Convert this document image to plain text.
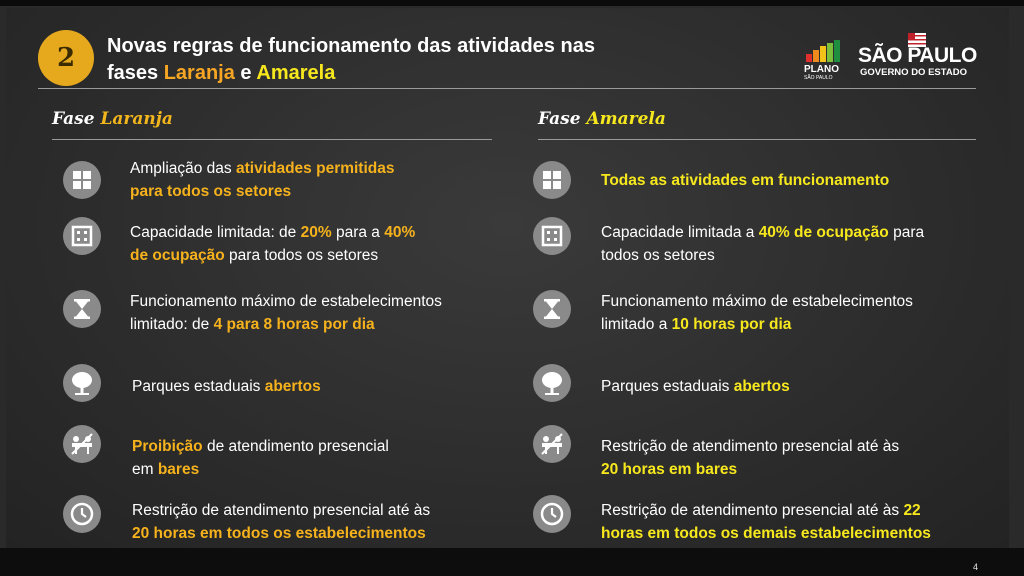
2	Novas regras de funcionamento das atividades nas
fases Laranja e Amarela	PLANO
SÃO PAULO
SÃO PAULO
GOVERNO DO ESTADO
Fase Laranja	Fase Amarela
Ampliação das atividades permitidas
para todos os setores
Capacidade limitada: de 20% para a 40%
de ocupação para todos os setores
Funcionamento máximo de estabelecimentos
limitado: de 4 para 8 horas por dia
Parques estaduais abertos
Proibição de atendimento presencial
em bares
Restrição de atendimento presencial até às
20 horas em todos os estabelecimentos
Todas as atividades em funcionamento
Capacidade limitada a 40% de ocupação para
todos os setores
Funcionamento máximo de estabelecimentos
limitado a 10 horas por dia
Parques estaduais abertos
Restrição de atendimento presencial até às
20 horas em bares
Restrição de atendimento presencial até às 22
horas em todos os demais estabelecimentos
4
